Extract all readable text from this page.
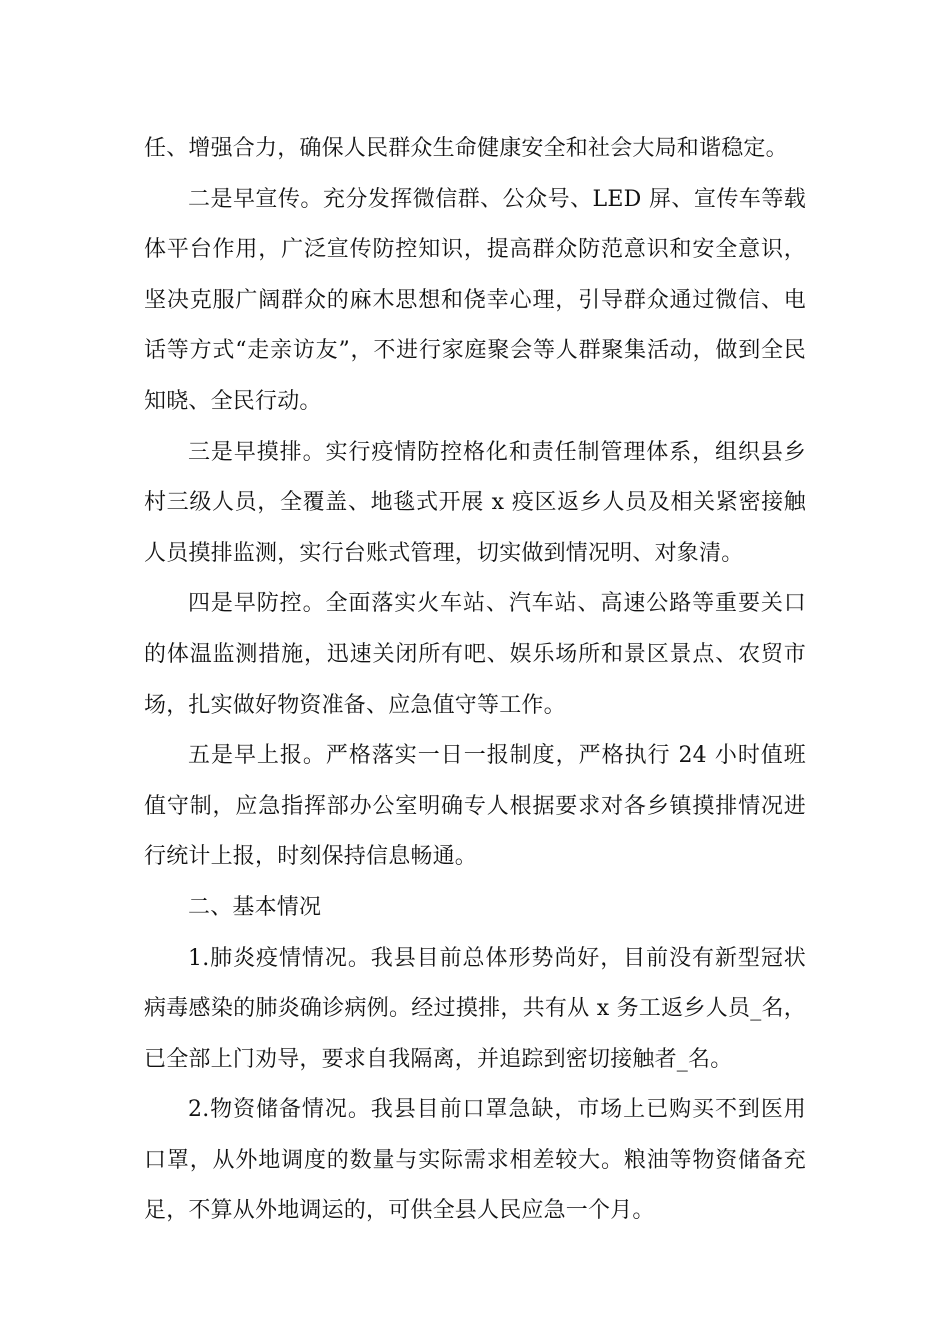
任、增强合力，确保人民群众生命健康安全和社会大局和谐稳定。

二是早宣传。充分发挥微信群、公众号、LED 屏、宣传车等载体平台作用，广泛宣传防控知识，提高群众防范意识和安全意识，坚决克服广阔群众的麻木思想和侥幸心理，引导群众通过微信、电话等方式“走亲访友”，不进行家庭聚会等人群聚集活动，做到全民知晓、全民行动。

三是早摸排。实行疫情防控格化和责任制管理体系，组织县乡村三级人员，全覆盖、地毯式开展 x 疫区返乡人员及相关紧密接触人员摸排监测，实行台账式管理，切实做到情况明、对象清。

四是早防控。全面落实火车站、汽车站、高速公路等重要关口的体温监测措施，迅速关闭所有吧、娱乐场所和景区景点、农贸市场，扎实做好物资准备、应急值守等工作。

五是早上报。严格落实一日一报制度，严格执行 24 小时值班值守制，应急指挥部办公室明确专人根据要求对各乡镇摸排情况进行统计上报，时刻保持信息畅通。

二、基本情况

1.肺炎疫情情况。我县目前总体形势尚好，目前没有新型冠状病毒感染的肺炎确诊病例。经过摸排，共有从 x 务工返乡人员_名，已全部上门劝导，要求自我隔离，并追踪到密切接触者_名。

2.物资储备情况。我县目前口罩急缺，市场上已购买不到医用口罩，从外地调度的数量与实际需求相差较大。粮油等物资储备充足，不算从外地调运的，可供全县人民应急一个月。
